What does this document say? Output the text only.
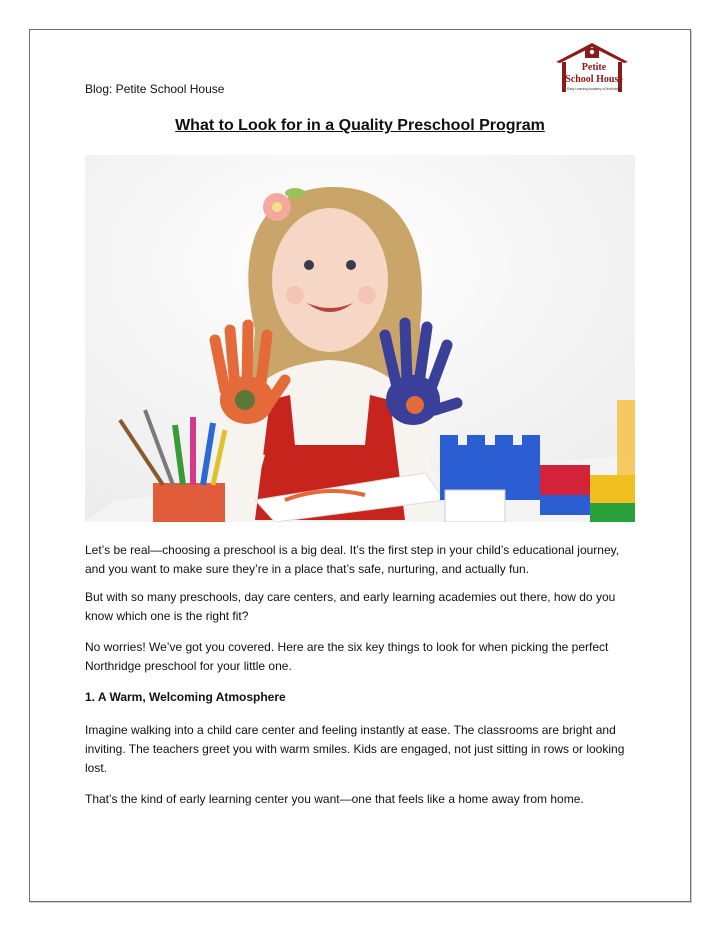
Blog: Petite School House
Petite
School House
Early Learning Academy of Northridge
What to Look for in a Quality Preschool Program

Let’s be real—choosing a preschool is a big deal. It’s the first step in your child’s educational journey, and you want to make sure they’re in a place that’s safe, nurturing, and actually fun.

But with so many preschools, day care centers, and early learning academies out there, how do you know which one is the right fit?

No worries! We’ve got you covered. Here are the six key things to look for when picking the perfect Northridge preschool for your little one.

1. A Warm, Welcoming Atmosphere

Imagine walking into a child care center and feeling instantly at ease. The classrooms are bright and inviting. The teachers greet you with warm smiles. Kids are engaged, not just sitting in rows or looking lost.

That’s the kind of early learning center you want—one that feels like a home away from home.
